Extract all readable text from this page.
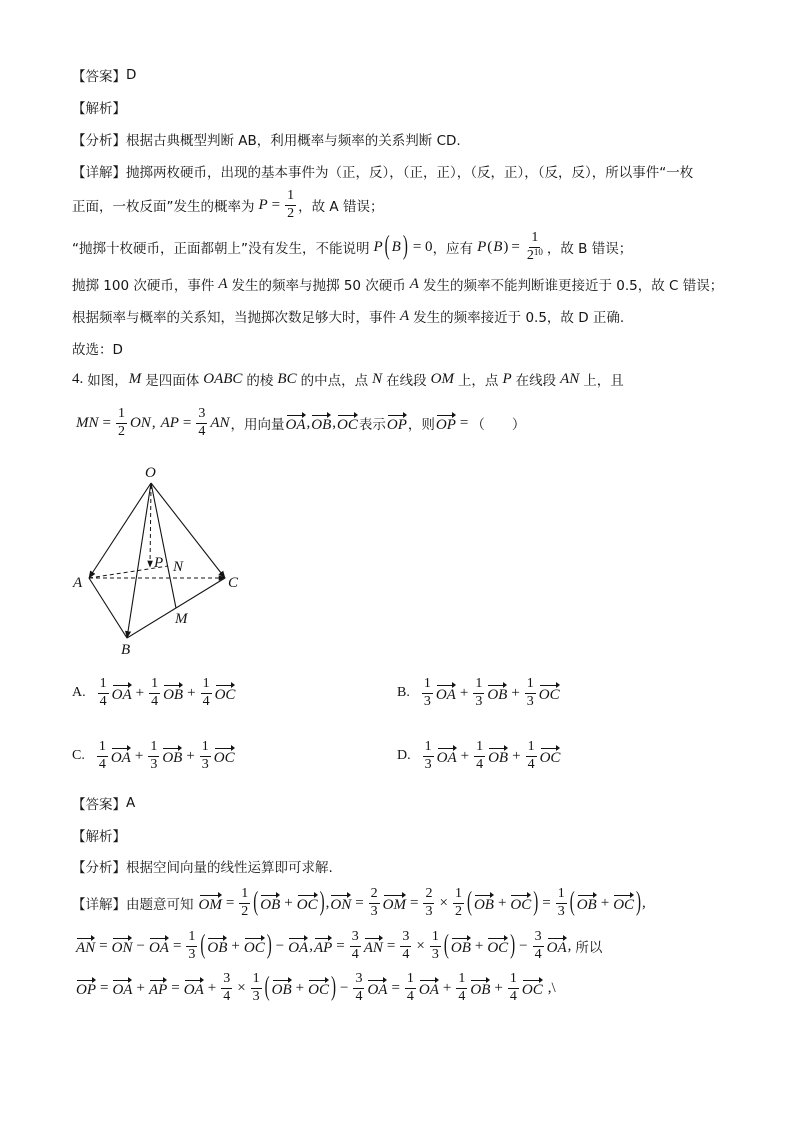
【答案】 D
【解析】
【分析】 根据古典概型判断 AB，利用概率与频率的关系判断 CD.
【详解】 抛掷两枚硬币，出现的基本事件为（正，反），（正，正），（反，正），（反，反），所以事件“一枚
正面，一枚反面”发生的概率为 $P = \frac{1}{2}$ ，故 A 错误；
“抛掷十枚硬币，正面都朝上”没有发生，不能说明 P ( B ) = 0 ，应有 P ( B ) = $\frac{1}{2^{10}}$ ，故 B 错误；
抛掷 100 次硬币，事件 A 发生的频率与抛掷 50 次硬币 A 发生的频率不能判断谁更接近于 0.5，故 C 错误；
根据频率与概率的关系知，当抛掷次数足够大时，事件 A 发生的频率接近于 0.5，故 D 正确.
故选：D
4. 如图， M 是四面体 OABC 的棱 BC 的中点，点 N 在线段 OM 上，点 P 在线段 AN 上，且
MN = $\frac{1}{2}$ ON , AP = $\frac{3}{4}$ AN ，用向量 OA , OB , OC 表示 OP ，则 OP = （　　）
O
A
B
C
M
N
P
A. $\frac{1}{4}$ OA + $\frac{1}{4}$ OB + $\frac{1}{4}$ OC	B. $\frac{1}{3}$ OA + $\frac{1}{3}$ OB + $\frac{1}{3}$ OC
C. $\frac{1}{4}$ OA + $\frac{1}{3}$ OB + $\frac{1}{3}$ OC	D. $\frac{1}{3}$ OA + $\frac{1}{4}$ OB + $\frac{1}{4}$ OC
【答案】 A
【解析】
【分析】 根据空间向量的线性运算即可求解.
【详解】 由题意可知 OM = $\frac{1}{2}$ ( OB + OC ) , ON = $\frac{2}{3}$ OM = $\frac{2}{3} \times \frac{1}{2}$ ( OB + OC ) = $\frac{1}{3}$ ( OB + OC ) ,
AN = ON − OA = $\frac{1}{3}$ ( OB + OC ) − OA , AP = $\frac{3}{4}$ AN = $\frac{3}{4} \times \frac{1}{3}$ ( OB + OC ) − $\frac{3}{4}$ OA , 所以
OP = OA + AP = OA + $\frac{3}{4} \times \frac{1}{3}$ ( OB + OC ) − $\frac{3}{4}$ OA = $\frac{1}{4}$ OA + $\frac{1}{4}$ OB + $\frac{1}{4}$ OC ,\
